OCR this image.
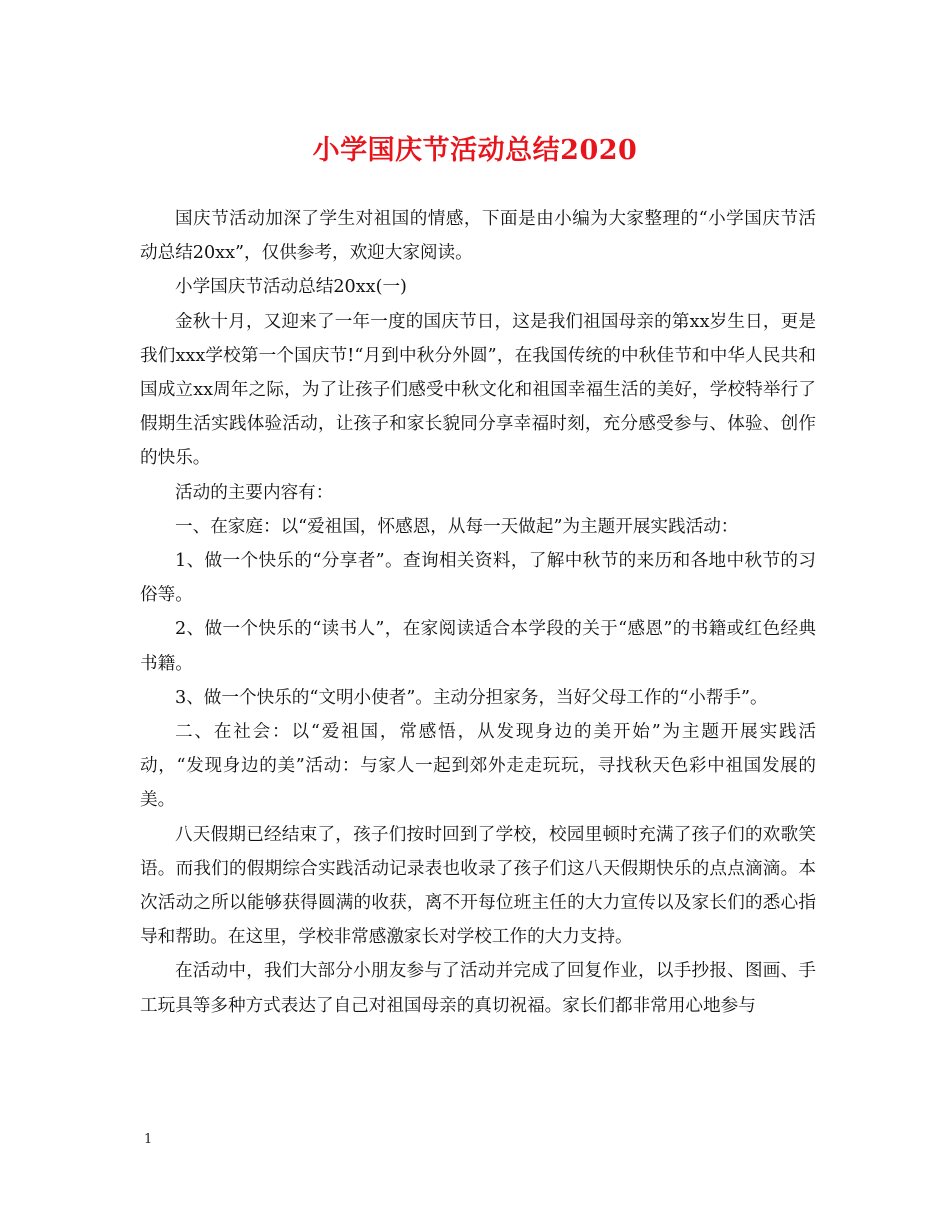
小学国庆节活动总结2020

国庆节活动加深了学生对祖国的情感，下面是由小编为大家整理的“小学国庆节活动总结20xx”，仅供参考，欢迎大家阅读。

小学国庆节活动总结20xx(一)

金秋十月，又迎来了一年一度的国庆节日，这是我们祖国母亲的第xx岁生日，更是我们xxx学校第一个国庆节!“月到中秋分外圆”，在我国传统的中秋佳节和中华人民共和国成立xx周年之际，为了让孩子们感受中秋文化和祖国幸福生活的美好，学校特举行了假期生活实践体验活动，让孩子和家长貌同分享幸福时刻，充分感受参与、体验、创作的快乐。

活动的主要内容有：

一、在家庭：以“爱祖国，怀感恩，从每一天做起”为主题开展实践活动：

1、做一个快乐的“分享者”。查询相关资料，了解中秋节的来历和各地中秋节的习俗等。

2、做一个快乐的“读书人”，在家阅读适合本学段的关于“感恩”的书籍或红色经典书籍。

3、做一个快乐的“文明小使者”。主动分担家务，当好父母工作的“小帮手”。

二、在社会：以“爱祖国，常感悟，从发现身边的美开始”为主题开展实践活动，“发现身边的美”活动：与家人一起到郊外走走玩玩，寻找秋天色彩中祖国发展的美。

八天假期已经结束了，孩子们按时回到了学校，校园里顿时充满了孩子们的欢歌笑语。而我们的假期综合实践活动记录表也收录了孩子们这八天假期快乐的点点滴滴。本次活动之所以能够获得圆满的收获，离不开每位班主任的大力宣传以及家长们的悉心指导和帮助。在这里，学校非常感激家长对学校工作的大力支持。

在活动中，我们大部分小朋友参与了活动并完成了回复作业，以手抄报、图画、手工玩具等多种方式表达了自己对祖国母亲的真切祝福。家长们都非常用心地参与

1
